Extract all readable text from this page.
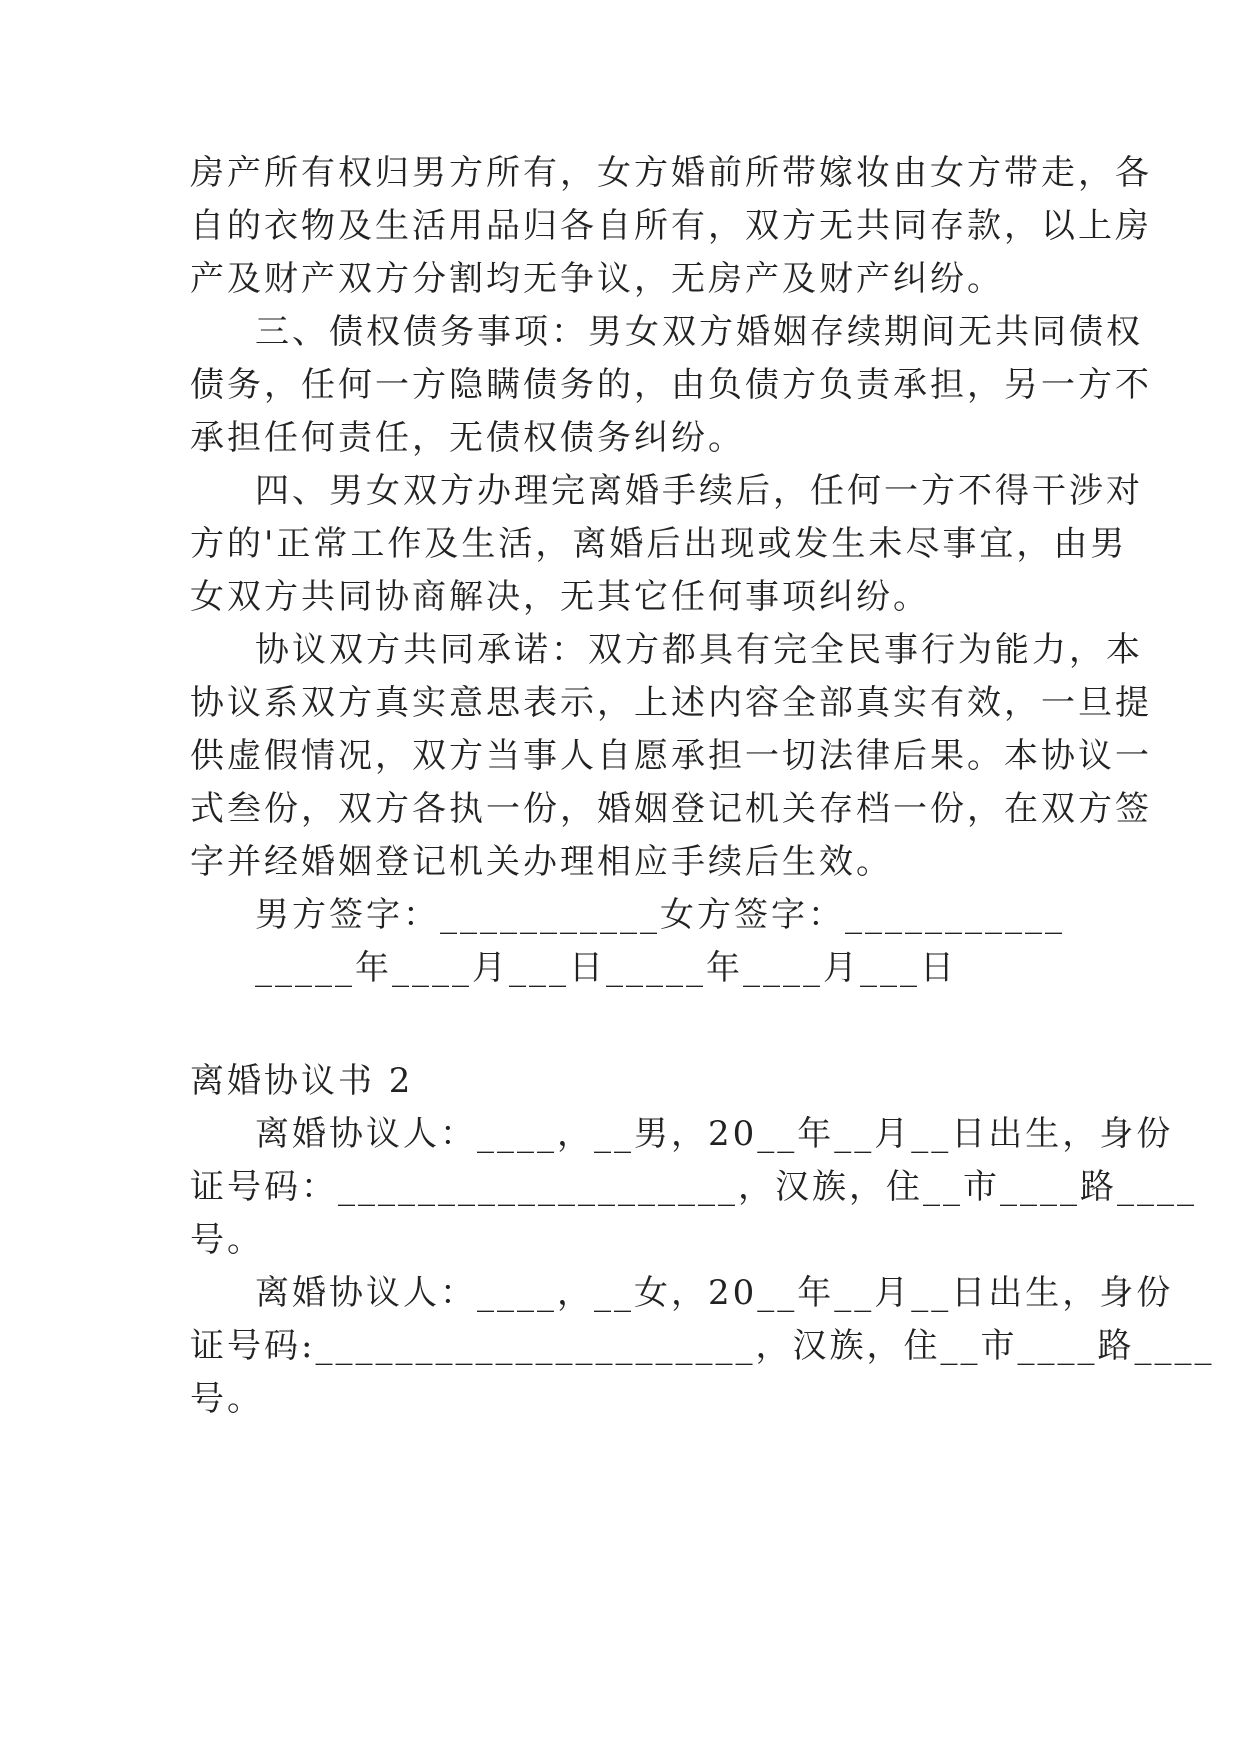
房产所有权归男方所有，女方婚前所带嫁妆由女方带走，各
自的衣物及生活用品归各自所有，双方无共同存款，以上房
产及财产双方分割均无争议，无房产及财产纠纷。
三、债权债务事项：男女双方婚姻存续期间无共同债权
债务，任何一方隐瞒债务的，由负债方负责承担，另一方不
承担任何责任，无债权债务纠纷。
四、男女双方办理完离婚手续后，任何一方不得干涉对
方的'正常工作及生活，离婚后出现或发生未尽事宜，由男
女双方共同协商解决，无其它任何事项纠纷。
协议双方共同承诺：双方都具有完全民事行为能力，本
协议系双方真实意思表示，上述内容全部真实有效，一旦提
供虚假情况，双方当事人自愿承担一切法律后果。本协议一
式叁份，双方各执一份，婚姻登记机关存档一份，在双方签
字并经婚姻登记机关办理相应手续后生效。
男方签字：___________女方签字：___________
_____年____月___日_____年____月___日
离婚协议书 2
离婚协议人：____，__男，20__年__月__日出生，身份
证号码：____________________，汉族，住__市____路____
号。
离婚协议人：____，__女，20__年__月__日出生，身份
证号码:______________________，汉族，住__市____路____
号。
